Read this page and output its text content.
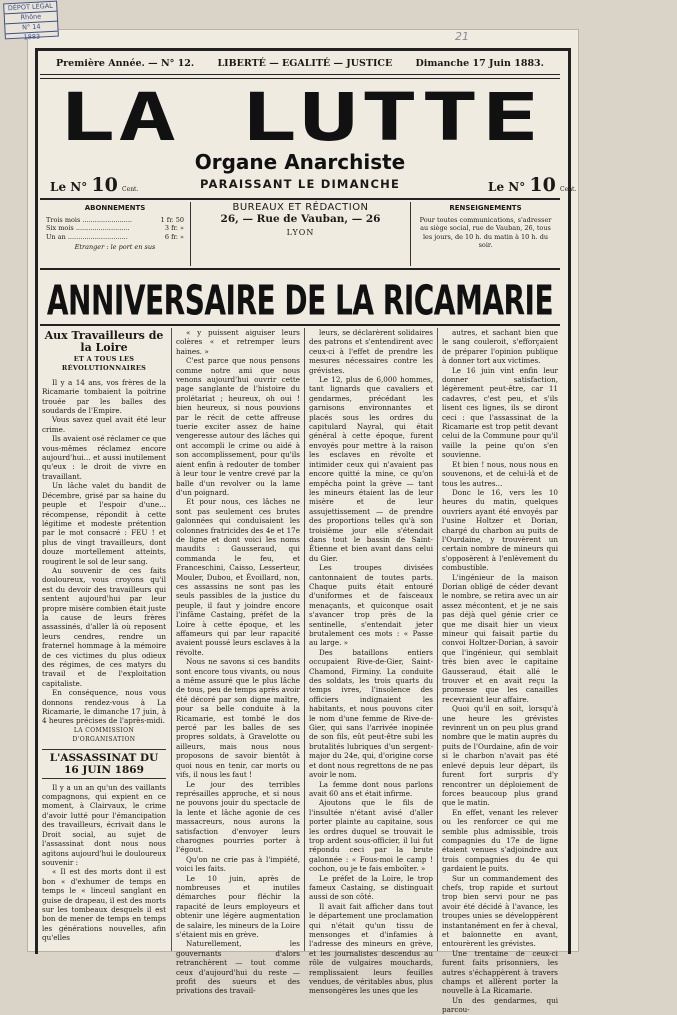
DÉPOT LÉGAL
Rhône
N° 14
1883	21
Première Année. — N° 12. LIBERTÉ — EGALITÉ — JUSTICE Dimanche 17 Juin 1883.
LA LUTTE
Organe Anarchiste
Le N° 10 Cent.	PARAISSANT LE DIMANCHE	Le N° 10 Cent.
ABONNEMENTS
Trois mois ........................	1 fr. 50
Six mois ..........................	3 fr. »
Un an .............................	6 fr. »
Etranger : le port en sus
BUREAUX ET RÉDACTION
26, — Rue de Vauban, — 26
LYON
RENSEIGNEMENTS
Pour toutes communications, s'adresser au siège social, rue de Vauban, 26, tous les jours, de 10 h. du matin à 10 h. du soir.
ANNIVERSAIRE DE LA RICAMARIE
Aux Travailleurs de la Loire
ET A TOUS LES RÉVOLUTIONNAIRES

Il y a 14 ans, vos frères de la Ricamarie tombaient la poitrine trouée par les balles des soudards de l'Empire.

Vous savez quel avait été leur crime.

Ils avaient osé réclamer ce que vous-mêmes réclamez encore aujourd'hui... et aussi inutilement qu'eux : le droit de vivre en travaillant.

Un lâche valet du bandit de Décembre, grisé par sa haine du peuple et l'espoir d'une... récompense, répondit à cette légitime et modeste prétention par le mot consacré : FEU ! et plus de vingt travailleurs, dont douze mortellement atteints, rougirent le sol de leur sang.

Au souvenir de ces faits douloureux, vous croyons qu'il est du devoir des travailleurs qui sentent aujourd'hui par leur propre misère combien était juste la cause de leurs frères assassinés, d'aller là où reposent leurs cendres, rendre un fraternel hommage à la mémoire de ces victimes du plus odieux des régimes, de ces matyrs du travail et de l'exploitation capitaliste.

En conséquence, nous vous donnons rendez-vous à La Ricamarie, le dimanche 17 juin, à 4 heures précises de l'après-midi.

LA COMMISSION D'ORGANISATION

L'ASSASSINAT DU 16 JUIN 1869

Il y a un an qu'un des vaillants compagnons, qui expient en ce moment, à Clairvaux, le crime d'avoir lutté pour l'émancipation des travailleurs, écrivait dans le Droit social, au sujet de l'assassinat dont nous nous agitons aujourd'hui le douloureux souvenir :

« Il est des morts dont il est bon « d'exhumer de temps en temps le « linceul sanglant en guise de drapeau, il est des morts sur les tombeaux desquels il est bon de mener de temps en temps les générations nouvelles, afin qu'elles

« y puissent aiguiser leurs colères « et retremper leurs haines. »

C'est parce que nous pensons comme notre ami que nous venons aujourd'hui ouvrir cette page sanglante de l'histoire du prolétariat ; heureux, oh oui ! bien heureux, si nous pouvions par le récit de cette affreuse tuerie exciter assez de haine vengeresse autour des lâches qui ont accompli le crime ou aidé à son accomplissement, pour qu'ils aient enfin à redouter de tomber à leur tour le ventre crevé par la balle d'un revolver ou la lame d'un poignard.

Et pour nous, ces lâches ne sont pas seulement ces brutes galonnées qui conduisaient les colonnes fratricides des 4e et 17e de ligne et dont voici les noms maudits : Gausseraud, qui commanda le feu, et Franceschini, Caisso, Lesserteur, Mouler, Dubou, et Évoillard, non, ces assassins ne sont pas les seuls passibles de la justice du peuple, il faut y joindre encore l'infâme Castaing, préfet de la Loire à cette époque, et les affameurs qui par leur rapacité avaient poussé leurs esclaves à la révolte.

Nous ne savons si ces bandits sont encore tous vivants, ou nous a même assuré que le plus lâche de tous, peu de temps après avoir été décoré par son digne maître, pour sa belle conduite à la Ricamarie, est tombé le dos percé par les balles de ses propres soldats, à Gravelotte ou ailleurs, mais nous nous proposons de savoir bientôt à quoi nous en tenir, car morts ou vifs, il nous les faut !

Le jour des terribles représailles approche, et si nous ne pouvons jouir du spectacle de la lente et lâche agonie de ces massacreurs, nous aurons la satisfaction d'envoyer leurs charognes pourries porter à l'égout.

Qu'on ne crie pas à l'impiété, voici les faits.

Le 10 juin, après de nombreuses et inutiles démarches pour fléchir la rapacité de leurs employeurs et obtenir une légère augmentation de salaire, les mineurs de la Loire s'étaient mis en grève.

Naturellement, les gouvernants d'alors retranchèrent — tout comme ceux d'aujourd'hui du reste — profit des sueurs et des privations des travail-

leurs, se déclarèrent solidaires des patrons et s'entendirent avec ceux-ci à l'effet de prendre les mesures nécessaires contre les grévistes.

Le 12, plus de 6,000 hommes, tant lignards que cavaliers et gendarmes, précédant les garnisons environnantes et placés sous les ordres du capitulard Nayral, qui était général à cette époque, furent envoyés pour mettre à la raison les esclaves en révolte et intimider ceux qui n'avaient pas encore quitté la mine, ce qu'on empêcha point la grève — tant les mineurs étaient las de leur misère et de leur assujettissement — de prendre des proportions telles qu'à son troisième jour elle s'étendait dans tout le bassin de Saint-Étienne et bien avant dans celui du Gier.

Les troupes divisées cantonnaient de toutes parts. Chaque puits était entouré d'uniformes et de faisceaux menaçants, et quiconque osait s'avancer trop près de la sentinelle, s'entendait jeter brutalement ces mots : « Passe au large. »

Des bataillons entiers occupaient Rive-de-Gier, Saint-Chamond, Firminy. La conduite des soldats, les trois quarts du temps ivres, l'insolence des officiers indignaient les habitants, et nous pouvons citer le nom d'une femme de Rive-de-Gier, qui sans l'arrivée inopinée de son fils, eût peut-être subi les brutalités lubriques d'un sergent-major du 24e, qui, d'origine corse et dont nous regrettons de ne pas avoir le nom.

La femme dont nous parlons avait 60 ans et était infirme.

Ajoutons que le fils de l'insultée n'étant avisé d'aller porter plainte au capitaine, sous les ordres duquel se trouvait le trop ardent sous-officier, il lui fut répondu ceci par la brute galonnée : « Fous-moi le camp ! cochon, ou je te fais emboîter. »

Le préfet de la Loire, le trop fameux Castaing, se distinguait aussi de son côté.

Il avait fait afficher dans tout le département une proclamation qui n'était qu'un tissu de mensonges et d'infamies à l'adresse des mineurs en grève, et les journalistes descendus au rôle de vulgaires mouchards, remplissaient leurs feuilles vendues, de véritables abus, plus mensongères les unes que les

autres, et sachant bien que le sang couleroit, s'efforçaient de préparer l'opinion publique à donner tort aux victimes.

Le 16 juin vint enfin leur donner satisfaction, légèrement peut-être, car 11 cadavres, c'est peu, et s'ils lisent ces lignes, ils se diront ceci : que l'assassinat de la Ricamarie est trop petit devant celui de la Commune pour qu'il vaille la peine qu'on s'en souvienne.

Et bien ! nous, nous nous en souvenons, et de celui-là et de tous les autres...

Donc le 16, vers les 10 heures du matin, quelques ouvriers ayant été envoyés par l'usine Holtzer et Dorian, chargé du charbon au puits de l'Ourdaine, y trouvèrent un certain nombre de mineurs qui s'opposèrent à l'enlèvement du combustible.

L'ingénieur de la maison Dorian obligé de céder devant le nombre, se retira avec un air assez mécontent, et je ne sais pas déjà quel génie crier ce que me disait hier un vieux mineur qui faisait partie du convoi Holtzer-Dorian, à savoir que l'ingénieur, qui semblait très bien avec le capitaine Gausseraud, était allé le trouver et en avait reçu la promesse que les canailles recevraient leur affaire.

Quoi qu'il en soit, lorsqu'à une heure les grévistes revinrent un on peu plus grand nombre que le matin auprès du puits de l'Ourdaine, afin de voir si le charbon n'avait pas été enlevé depuis leur départ, ils furent fort surpris d'y rencontrer un déploiement de forces beaucoup plus grand que le matin.

En effet, venant les relever ou les renforcer ce qui me semble plus admissible, trois compagnies du 17e de ligne étaient venues s'adjoindre aux trois compagnies du 4e qui gardaient le puits.

Sur un commandement des chefs, trop rapide et surtout trop bien servi pour ne pas avoir été décidé à l'avance, les troupes unies se développèrent instantanément en fer à cheval, et baïonnette en avant, entourèrent les grévistes.

Une trentaine de ceux-ci furent faits prisonniers, les autres s'échappèrent à travers champs et allèrent porter la nouvelle à La Ricamarie.

Un des gendarmes, qui parcou-
